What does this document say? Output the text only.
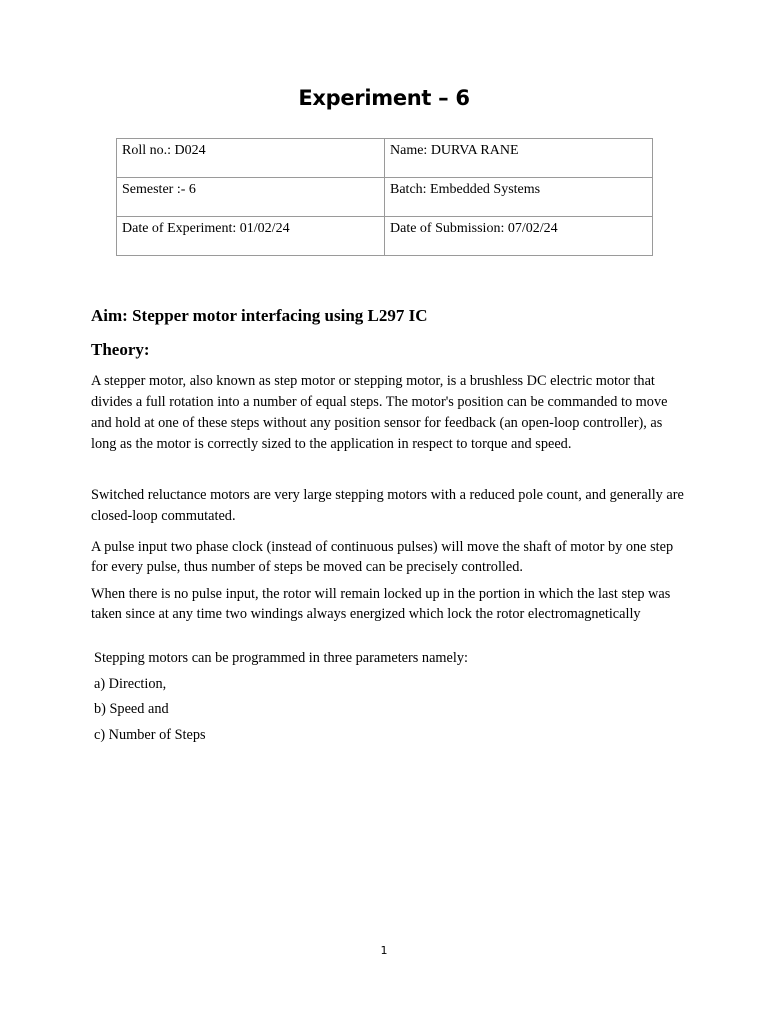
Experiment – 6
Roll no.: D024	Name: DURVA RANE

Semester :- 6	Batch: Embedded Systems

Date of Experiment: 01/02/24	Date of Submission: 07/02/24
Aim: Stepper motor interfacing using L297 IC
Theory:
A stepper motor, also known as step motor or stepping motor, is a brushless DC electric motor that divides a full rotation into a number of equal steps. The motor's position can be commanded to move and hold at one of these steps without any position sensor for feedback (an open-loop controller), as long as the motor is correctly sized to the application in respect to torque and speed.
Switched reluctance motors are very large stepping motors with a reduced pole count, and generally are closed-loop commutated.
A pulse input two phase clock (instead of continuous pulses) will move the shaft of motor by one step for every pulse, thus number of steps be moved can be precisely controlled.
When there is no pulse input, the rotor will remain locked up in the portion in which the last step was taken since at any time two windings always energized which lock the rotor electromagnetically
Stepping motors can be programmed in three parameters namely:
a) Direction,
b) Speed and
c) Number of Steps
1
